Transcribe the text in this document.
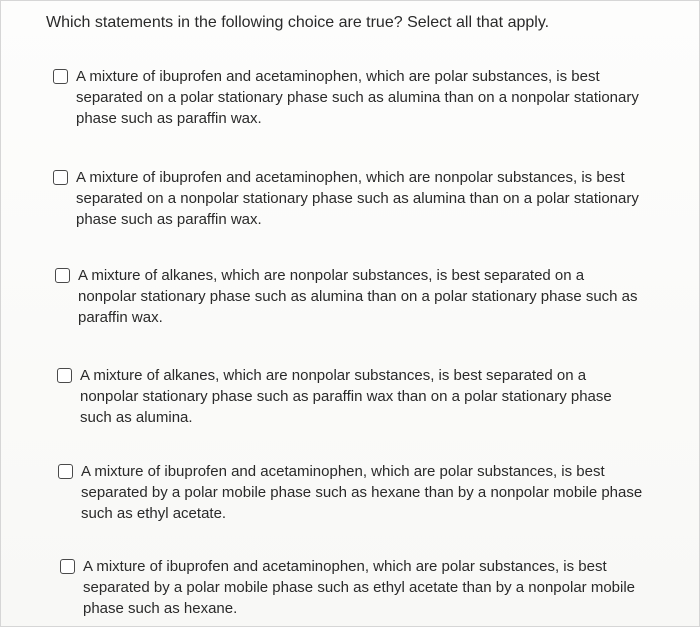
Which statements in the following choice are true? Select all that apply.
A mixture of ibuprofen and acetaminophen, which are polar substances, is best separated on a polar stationary phase such as alumina than on a nonpolar stationary phase such as paraffin wax.
A mixture of ibuprofen and acetaminophen, which are nonpolar substances, is best separated on a nonpolar stationary phase such as alumina than on a polar stationary phase such as paraffin wax.
A mixture of alkanes, which are nonpolar substances, is best separated on a nonpolar stationary phase such as alumina than on a polar stationary phase such as paraffin wax.
A mixture of alkanes, which are nonpolar substances, is best separated on a nonpolar stationary phase such as paraffin wax than on a polar stationary phase such as alumina.
A mixture of ibuprofen and acetaminophen, which are polar substances, is best separated by a polar mobile phase such as hexane than by a nonpolar mobile phase such as ethyl acetate.
A mixture of ibuprofen and acetaminophen, which are polar substances, is best separated by a polar mobile phase such as ethyl acetate than by a nonpolar mobile phase such as hexane.
